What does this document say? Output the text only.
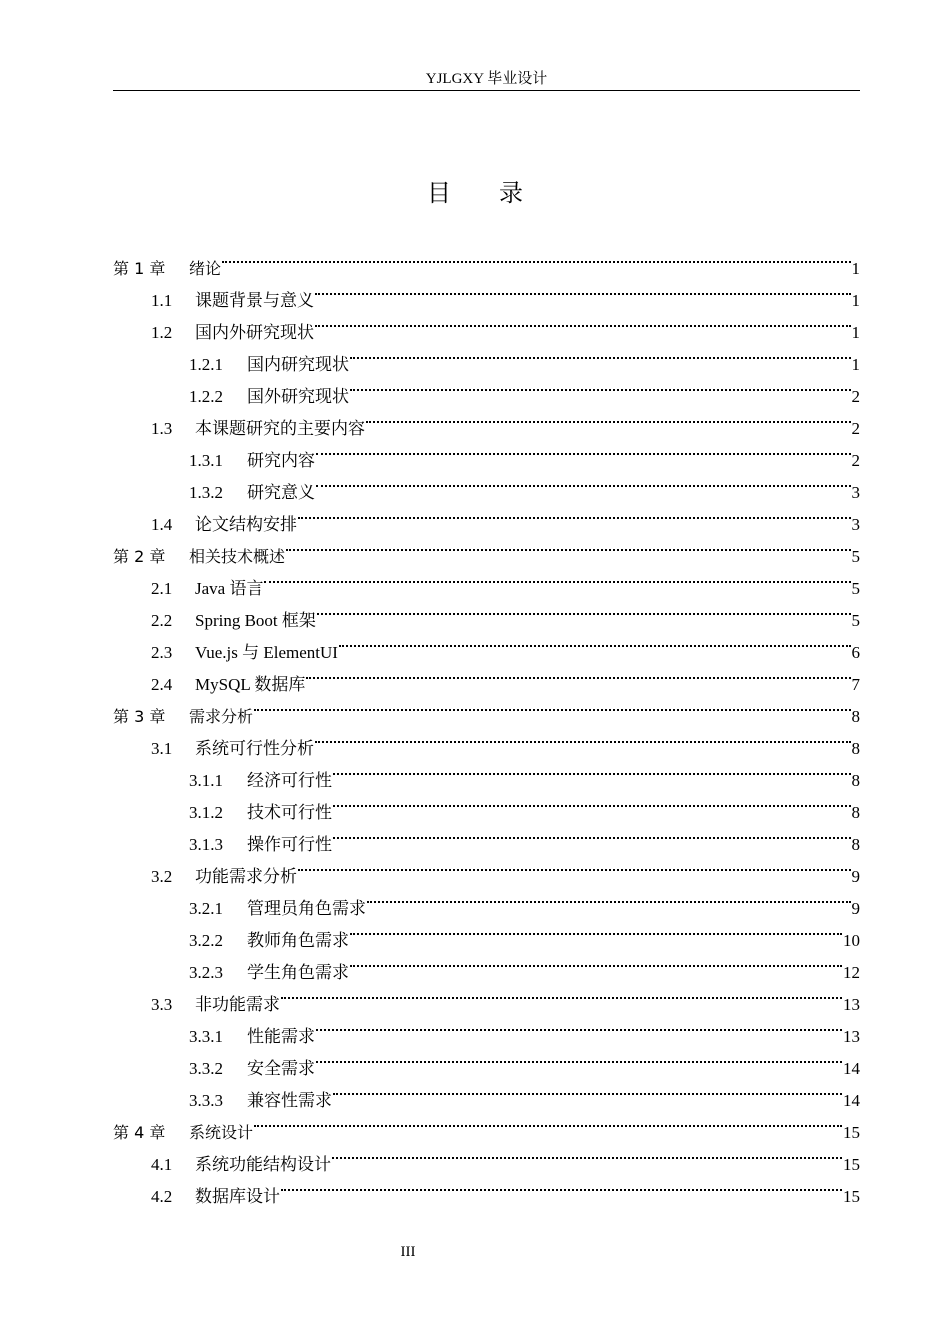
YJLGXY 毕业设计
目 录
第 1 章	绪论	1
1.1	课题背景与意义	1
1.2	国内外研究现状	1
1.2.1	国内研究现状	1
1.2.2	国外研究现状	2
1.3	本课题研究的主要内容	2
1.3.1	研究内容	2
1.3.2	研究意义	3
1.4	论文结构安排	3
第 2 章	相关技术概述	5
2.1	Java 语言	5
2.2	Spring Boot 框架	5
2.3	Vue.js 与 ElementUI	6
2.4	MySQL 数据库	7
第 3 章	需求分析	8
3.1	系统可行性分析	8
3.1.1	经济可行性	8
3.1.2	技术可行性	8
3.1.3	操作可行性	8
3.2	功能需求分析	9
3.2.1	管理员角色需求	9
3.2.2	教师角色需求	10
3.2.3	学生角色需求	12
3.3	非功能需求	13
3.3.1	性能需求	13
3.3.2	安全需求	14
3.3.3	兼容性需求	14
第 4 章	系统设计	15
4.1	系统功能结构设计	15
4.2	数据库设计	15
III
